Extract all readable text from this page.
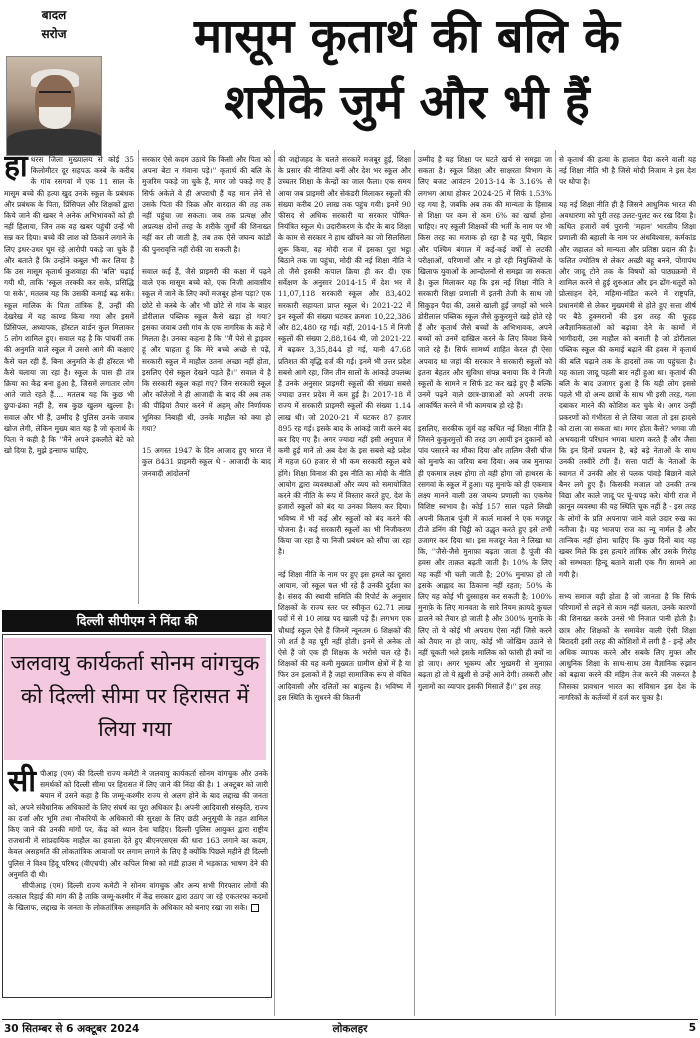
बादल
सरोज	मासूम कृतार्थ की बलि के
शरीके जुर्म और भी हैं

हाथरस जिला मुख्यालय से कोई 35 किलोमीटर दूर सहपऊ कस्बे के करीब के गांव रसगवां में एक 11 साल के मासूम बच्चे की हत्या खुद उनके स्कूल के प्रबंधक और प्रबंधक के पिता, प्रिंसिपल और शिक्षकों द्वारा किये जाने की खबर ने अनेक अभिभावकों को ही नहीं हिलाया, जिन तक वह खबर पहुंची उन्हें भी सन्न कर दिया। बच्चे की लाश को ठिकाने लगाने के लिए इधर-उधर घूम रहे आरोपी पकड़े जा चुके हैं और बताते हैं कि उन्होंने कबूल भी कर लिया है कि उस मासूम कृतार्थ कुशवाहा की 'बलि' चढ़ाई गयी थी, ताकि 'स्कूल तरक्की कर सके, प्रसिद्धि पा सके', मतलब यह कि उसकी कमाई बढ़ सके। स्कूल मालिक के पिता तांत्रिक हैं, उन्हीं की देखरेख में यह काण्ड किया गया और इसमें प्रिंसिपल, अध्यापक, हॉस्टल वार्डन कुल मिलाकर 5 लोग शामिल हुए। सवाल यह है कि पांचवीं तक की अनुमति वाले स्कूल में उससे आगे की कक्षाएं कैसे चल रही हैं, बिना अनुमति के ही हॉस्टल भी कैसे चलाया जा रहा है। स्कूल के पास ही तंत्र क्रिया का केंद्र बना हुआ है, जिसमें लगातार लोग आते जाते रहते हैं.... मतलब यह कि कुछ भी छुपा-ढंका नहीं है, सब कुछ खुलम खुल्ला है। सवाल और भी हैं, उम्मीद है पुलिस उनके जवाब खोज लेगी, लेकिन मुख्य बात यह है जो कृतार्थ के पिता ने कही है कि ''मैंने अपने इकलौते बेटे को खो दिया है, मुझे इन्साफ चाहिए,

सरकार ऐसे कदम उठाये कि किसी और पिता को अपना बेटा न गंवाना पड़े।'' कृतार्थ की बलि के मुजरिम पकड़े जा चुके हैं, मगर जो पकड़े गए हैं सिर्फ अकेले वे ही अपराधी हैं यह मान लेने से उसके पिता की फ़िक्र और वारदात की तह तक नहीं पहुंचा जा सकता। जब तक प्रत्यक्ष और अप्रत्यक्ष दोनों तरह के शरीके जुर्मों की शिनाख्त नहीं कर ली जाती है, तब तक ऐसे जघन्य कांडों की पुनरावृत्ति नहीं रोकी जा सकती है।

सवाल कई हैं, जैसे प्राइमरी की कक्षा में पढ़ने वाले एक मासूम बच्चे को, एक निजी आवासीय स्कूल में जाने के लिए क्यों मजबूर होना पड़ा? एक छोटे से कस्बे के और भी छोटे से गांव के बाहर डोरीलाल पब्लिक स्कूल कैसे खड़ा हो गया? इसका जवाब उसी गांव के एक नागरिक के कहे में मिलता है। उनका कहना है कि ''मैं पेसे से ड्राइवर हूं और चाहता हूं कि मेरे बच्चे अच्छे से पढ़ें, सरकारी स्कूल में माहौल उतना अच्छा नहीं होता, इसलिए ऐसे स्कूल देखने पड़ते हैं।'' सवाल ये है कि सरकारी स्कूल कहां गए? जिन सरकारी स्कूल और कॉलेजों ने ही आजादी के बाद की अब तक की पीढ़ियां तैयार करने में अहम् और निर्णायक भूमिका निबाही थी, उनके माहौल को क्या हो गया?

15 अगस्त 1947 के दिन आजाद हुए भारत में कुल 8431 प्राइमरी स्कूल थे - आजादी के बाद जनवादी आंदोलनों
की जद्दोजहद के चलते सरकारें मजबूर हुईं, शिक्षा के प्रसार की नीतियां बनीं और देश भर स्कूल और उच्चतर शिक्षा के केन्द्रों का जाल फैला। एक समय आया जब प्राइमरी और सेकंडरी मिलाकर स्कूलों की संख्या करीब 20 लाख तक पहुंच गयी। इनमें 90 फीसद से अधिक सरकारी या सरकार पोषित-नियंत्रित स्कूल थे। उदारीकरण के दौर के बाद शिक्षा के काम से सरकार ने हाथ खींचने का जो सिलसिला शुरू किया, वह मोदी राज में इसका पूरा भट्ठा बिठाने तक जा पहुंचा, मोदी की नई शिक्षा नीति ने तो जैसे इसकी कपाल क्रिया ही कर दी। एक सर्वेक्षण के अनुसार 2014-15 में देश भर में 11,07,118 सरकारी स्कूल और 83,402 सरकारी सहायता प्राप्त स्कूल थे। 2021-22 में इन स्कूलों की संख्या घटकर क्रमशः 10,22,386 और 82,480 रह गई। वहीं, 2014-15 में निजी स्कूलों की संख्या 2,88,164 थी, जो 2021-22 में बढ़कर 3,35,844 हो गई, यानी 47.68 प्रतिशत की वृद्धि दर्ज की गई। इनमें भी उत्तर प्रदेश सबसे आगे रहा, जिन तीन सालों के आंकड़े उपलब्ध हैं उनके अनुसार प्राइमरी स्कूलों की संख्या सबसे ज्यादा उत्तर प्रदेश में कम हुई है। 2017-18 में राज्य में सरकारी प्राइमरी स्कूलों की संख्या 1.14 लाख थी। जो 2020-21 में घटकर 87 हजार 895 रह गई। इसके बाद के आंकड़े जारी करने बंद कर दिए गए हैं। अगर ज्यादा नहीं इसी अनुपात में कमी हुई मानें तो अब देश के इस सबसे बड़े प्रदेश में महज 60 हजार से भी कम सरकारी स्कूल बचे होंगे। शिक्षा विनाश की इस नीति का मोदी के नीति आयोग द्वारा व्यवस्थाओं और व्यय को समायोजित करने की नीति के रूप में विस्तार करते हुए, देश के हजारों स्कूलों को बंद या उनका विलय कर दिया। भविष्य में भी कई और स्कूलों को बंद करने की योजना है। कई सरकारी स्कूलों का भी निजीकरण किया जा रहा है या निजी प्रबंधन को सौंपा जा रहा है।

नई शिक्षा नीति के नाम पर हुए इस हमले का दूसरा आयाम, जो स्कूल चल भी रहे हैं उनकी दुर्दशा का है। संसद की स्थायी समिति की रिपोर्ट के अनुसार शिक्षकों के राज्य स्तर पर स्वीकृत 62.71 लाख पदों में से 10 लाख पद खाली पड़े हैं। लगभग एक चौथाई स्कूल ऐसे हैं जिनमें न्यूनतम 6 शिक्षकों की जो शर्त है वह पूरी नहीं होती। इनमें से अनेक तो ऐसे हैं जो एक ही शिक्षक के भरोसे चल रहे हैं। शिक्षकों की यह कमी मुख्यतः ग्रामीण क्षेत्रों में है या फिर उन इलाकों में है जहां सामाजिक रूप से वंचित आदिवासी और दलितों का बाहुल्य है। भविष्य में इस स्थिति के सुधरने की कितनी
उम्मीद है यह शिक्षा पर घटते खर्च से समझा जा सकता है। स्कूल शिक्षा और साक्षरता विभाग के लिए बजट आवंटन 2013-14 के 3.16% से लगभग आधा होकर 2024-25 में सिर्फ 1.53% रह गया है, जबकि अब तक की मान्यता के हिसाब से शिक्षा पर कम से कम 6% का खर्चा होना चाहिए। नए स्कूली शिक्षकों की भर्ती के नाम पर भी किस तरह का मजाक हो रहा है यह यूपी, बिहार और पश्चिम बंगाल में कई-कई वर्षों से लटकी परीक्षाओं, परिणामों और न हो रही नियुक्तियों के खिलाफ युवाओं के आन्दोलनों से समझा जा सकता है। कुल मिलाकर यह कि इस नई शिक्षा नीति ने सरकारी शिक्षा प्रणाली में इतनी तेजी के साथ जो सिकुड़न पैदा की, उससे खाली हुई जगहों को भरने डोरीलाल पब्लिक स्कूल जैसे कुकुरमुत्ते खड़े होते रहे हैं और कृतार्थ जैसे बच्चों के अभिभावक, अपने बच्चों को उनमें दाखिल करने के लिए विवश किये जाते रहे हैं। सिर्फ सामर्थ्य शाहित केरल ही ऐसा अपवाद था जहां की सरकार ने सरकारी स्कूलों को इतना बेहतर और सुविधा संपन्न बनाया कि वे निजी स्कूलों के सामने न सिर्फ डट कर खड़े हुए हैं बल्कि उनमें पढ़ने वाले छात्र-छात्राओं को अपनी तरफ आकर्षित करने में भी कामयाब हो रहे हैं।

इसलिए, सरकीक जुर्म वह कथित नई शिक्षा नीति है जिसने कुकुरमुत्तों की तरह उग आयीं इन दुकानों को पांव पसारने का मौका दिया और तालिम जैसी चीज को मुनाफे का जरिया बना दिया। अब जब मुनाफा ही एकमात्र लक्ष्य होगा तो वही होगा जो हाथरस के रसगवां के स्कूल में हुआ। यह मुनाफे को ही एकमात्र लक्ष्य मानने वाली उस जघन्य प्रणाली का एकमेव विशिष्ट स्वभाव है। कोई 157 साल पहले लिखी अपनी किताब पूंजी में कार्ल मार्क्स ने एक मजदूर टीजे डनिंग की चिट्ठी को उद्धृत करते हुए इसे तभी उजागर कर दिया था। इस मजदूर नेता ने लिखा था कि, ''जैसे-जैसे मुनाफ़ा बढ़ता जाता है पूंजी की हवस और ताक़त बढ़ती जाती है। 10% के लिए यह कहीं भी चली जाती है; 20% मुनाफ़ा हो तो इसके आह्लाद का ठिकाना नहीं रहता; 50% के लिए यह कोई भी दुस्साहस कर सकती है; 100% मुनाफ़े के लिए मानवता के सारे नियम क़ायदे कुचल डालने को तैयार हो जाती है और 300% मुनाफ़े के लिए तो ये कोई भी अपराध ऐसा नहीं जिसे करने को तैयार ना हो जाए, कोई भी जोखिम उठाने से नहीं चूकती भले इसके मालिक को फांसी ही क्यों ना हो जाए। अगर भूकम्प और भुखमरी से मुनाफ़ा बढ़ता हो तो ये ख़ुशी से उन्हें आने देगी। तस्करी और गुलामों का व्यापार इसकी मिसालें हैं।'' इस तरह
से कृतार्थ की हत्या के हालात पैदा करने वाली यह नई शिक्षा नीति भी है जिसे मोदी निजाम ने इस देश पर थोपा है।

यह नई शिक्षा नीति ही है जिसने आधुनिक भारत की अवधारणा को पूरी तरह उलट-पुलट कर रख दिया है। कथित हजारों वर्ष पुरानी 'महान' भारतीय शिक्षा प्रणाली की बहाली के नाम पर अंधविश्वास, कर्मकांड और जहालत को मान्यता और प्रतिष्ठा प्रदान की है। फलित ज्योतिष से लेकर अच्छी बहू बनने, पोंगापंथ और जादू टोने तक के विषयों को पाठ्यक्रमों में शामिल करने से हुई शुरुआत और इन ढोंग-धतूरों को प्रोत्साहन देने, महिमा-मंडित करने में राष्ट्रपति, प्रधानमंत्री से लेकर मुख्यमंत्री से होते हुए सत्ता शीर्ष पर बैठे हुक्मरानों की इस तरह की फूहड़ अवैज्ञानिकताओं को बढ़ावा देने के कामों में भागीदारी, उस माहौल को बनाती है जो डोरीलाल पब्लिक स्कूल की कमाई बढ़ाने की हवस में कृतार्थ की बलि चढ़ाने तक के हादसों तक जा पहुंचता है। यह काला जादू पहली बार नहीं हुआ था। कृतार्थ की बलि के बाद उजागर हुआ है कि यही लोग इससे पहले भी दो अन्य छात्रों के साथ भी इसी तरह, गला दबाकर मारने की कोशिश कर चुके थे। अगर उन्हीं प्रकरणों को गंभीरता से ले लिया जाता तो इस हादसे को टाला जा सकता था। मगर होता कैसे? भगवा जी अभयदानी परिधान भगवा धारण करते हैं और जैसा कि इन दिनों प्रचलन है, बड़े बड़े नेताओं के साथ उनकी तस्वीरें टंगी हैं। सत्ता पार्टी के नेताओं के स्वागत में उनकी ओर से पलक पांवड़े बिछाने वाले बैनर लगे हुए हैं। किसकी मजाल जो उनकी तन्त्र विद्या और काले जादू पर चूं-चपड़ करे। योगी राज में क़ानून व्यवस्था की यह स्थिति चूक नहीं है - इस तरह के लोगों के प्रति अपनापा जाने वाले उदार रुख का नतीजा है। यह भाजपा राज का न्यू नार्मल है और तान्त्रिक नहीं होना चाहिए कि कुछ दिनों बाद यह खबर मिले कि इस हत्यारे तांत्रिक और उसके गिरोह को सम्भवतः हिन्दू बताने वाली एक गैंग सामने आ गयी है।

सभ्य समाज वही होता है जो जानता है कि सिर्फ परिणामों से लड़ने से काम नहीं चलता, उनके कारणों की शिनाख्त करके उनसे भी निजात पानी होती है। छात्र और शिक्षकों के समावेश वाली ऐसी शिक्षा बिरादरी इसी तरह की कोशिशों में लगी है - इन्हें और अधिक व्यापक करने और सबके लिए मुफ्त और आधुनिक शिक्षा के साथ-साथ उस वैज्ञानिक रुझान को बढ़ावा करने की महिम तेज करने की जरूरत है जिसका प्रावधान भारत का संविधान इस देश के नागरिकों के कर्तव्यों में दर्ज कर चुका है।
दिल्ली सीपीएम ने निंदा की
जलवायु कार्यकर्ता सोनम वांगचुक को दिल्ली सीमा पर हिरासत में लिया गया

सीपीआइ (एम) की दिल्ली राज्य कमेटी ने जलवायु कार्यकर्ता सोनम वांगचुक और उनके समर्थकों को दिल्ली सीमा पर हिरासत में लिए जाने की निंदा की है। 1 अक्टूबर को जारी बयान में उसने कहा है कि जम्मू-कश्मीर राज्य से अलग होने के बाद लद्दाख की जनता को, अपने संवैधानिक अधिकारों के लिए संघर्ष का पूरा अधिकार है। अपनी आदिवासी संस्कृति, राज्य का दर्जा और भूमि तथा नौकरियों के अधिकारों की सुरक्षा के लिए छठी अनुसूची के तहत शामिल किए जाने की उनकी मांगों पर, केंद्र को ध्यान देना चाहिए। दिल्ली पुलिस आयुक्त द्वारा राष्ट्रीय राजधानी में सांप्रदायिक माहौल का हवाला देते हुए बीएनएसएस की धारा 163 लगाने का कदम, केवल असहमति की लोकतांत्रिक आवाजों पर लगाम लगाने के लिए है क्योंकि पिछले महीने ही दिल्ली पुलिस ने विश्व हिंदू परिषद (वीएचपी) और कपिल मिश्रा को मंडी हाउस में भड़काऊ भाषण देने की अनुमति दी थी।

सीपीआइ (एम) दिल्ली राज्य कमेटी ने सोनम वांगचुक और अन्य सभी गिरफ्तार लोगों की तत्काल रिहाई की मांग की है ताकि जम्मू-कश्मीर में केंद्र सरकार द्वारा उठाए जा रहे एकतरफा कदमों के खिलाफ, लद्दाख के जनता के लोकतांत्रिक असहमति के अधिकार को बनाए रखा जा सके।

30 सितम्बर से 6 अक्टूबर 2024	लोकलहर	5
